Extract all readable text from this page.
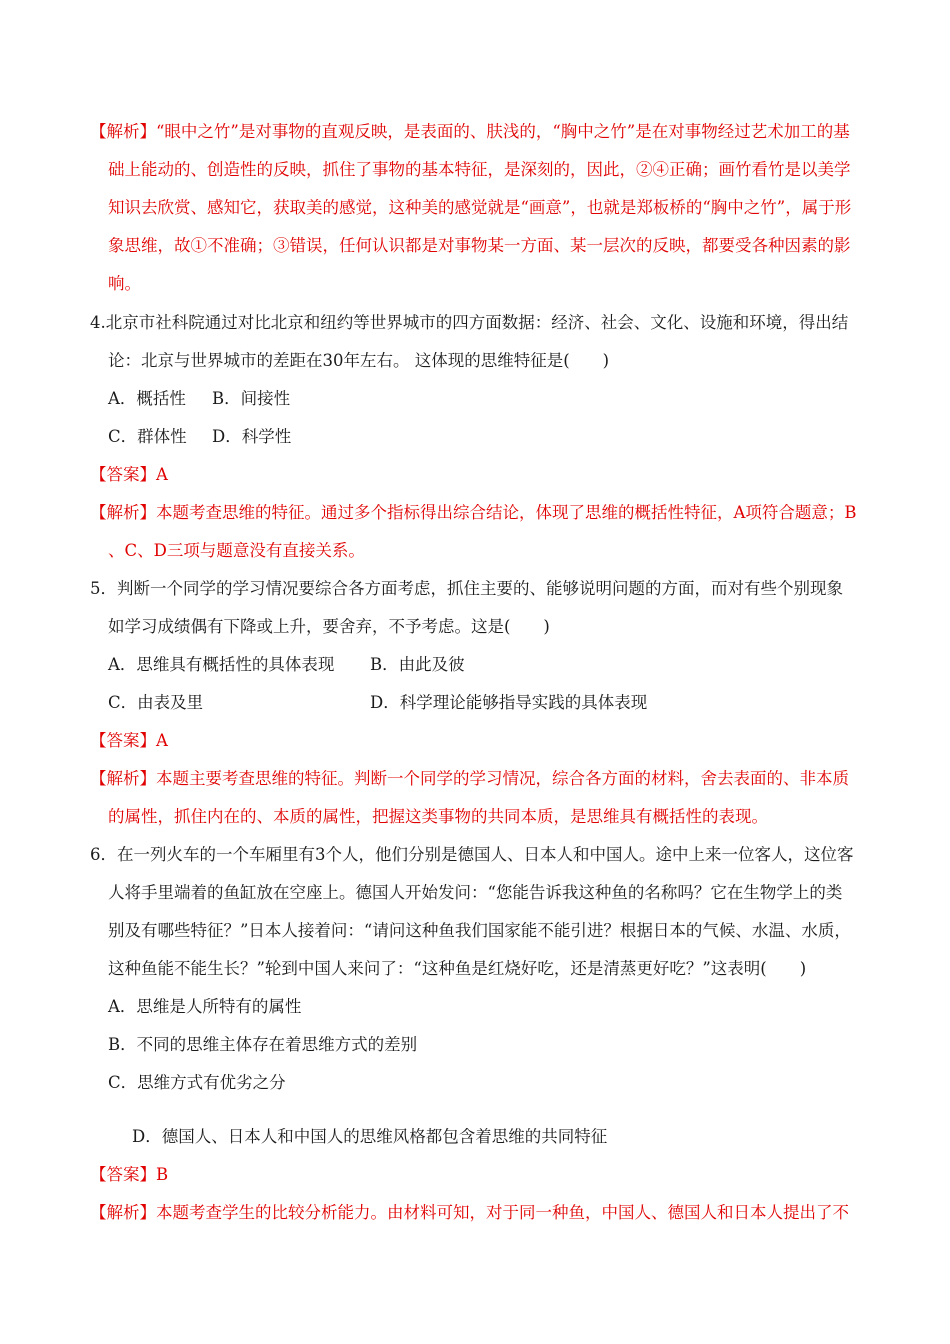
【解析】“眼中之竹”是对事物的直观反映，是表面的、肤浅的，“胸中之竹”是在对事物经过艺术加工的基
础上能动的、创造性的反映，抓住了事物的基本特征，是深刻的，因此，②④正确；画竹看竹是以美学
知识去欣赏、感知它，获取美的感觉，这种美的感觉就是“画意”，也就是郑板桥的“胸中之竹”，属于形
象思维，故①不准确；③错误，任何认识都是对事物某一方面、某一层次的反映，都要受各种因素的影
响。
4.北京市社科院通过对比北京和纽约等世界城市的四方面数据：经济、社会、文化、设施和环境，得出结
论：北京与世界城市的差距在30年左右。 这体现的思维特征是(　　)
A．概括性 B．间接性
C．群体性 D．科学性
【答案】A
【解析】本题考查思维的特征。通过多个指标得出综合结论，体现了思维的概括性特征，A项符合题意；B
、C、D三项与题意没有直接关系。
5．判断一个同学的学习情况要综合各方面考虑，抓住主要的、能够说明问题的方面，而对有些个别现象
如学习成绩偶有下降或上升，要舍弃，不予考虑。这是(　　)
A．思维具有概括性的具体表现 B．由此及彼
C．由表及里	D．科学理论能够指导实践的具体表现
【答案】A
【解析】本题主要考查思维的特征。判断一个同学的学习情况，综合各方面的材料，舍去表面的、非本质
的属性，抓住内在的、本质的属性，把握这类事物的共同本质，是思维具有概括性的表现。
6．在一列火车的一个车厢里有3个人，他们分别是德国人、日本人和中国人。途中上来一位客人，这位客
人将手里端着的鱼缸放在空座上。德国人开始发问：“您能告诉我这种鱼的名称吗？它在生物学上的类
别及有哪些特征？”日本人接着问：“请问这种鱼我们国家能不能引进？根据日本的气候、水温、水质，
这种鱼能不能生长？”轮到中国人来问了：“这种鱼是红烧好吃，还是清蒸更好吃？”这表明(　　)
A．思维是人所特有的属性
B．不同的思维主体存在着思维方式的差别
C．思维方式有优劣之分
D．德国人、日本人和中国人的思维风格都包含着思维的共同特征
【答案】B
【解析】本题考查学生的比较分析能力。由材料可知，对于同一种鱼，中国人、德国人和日本人提出了不
